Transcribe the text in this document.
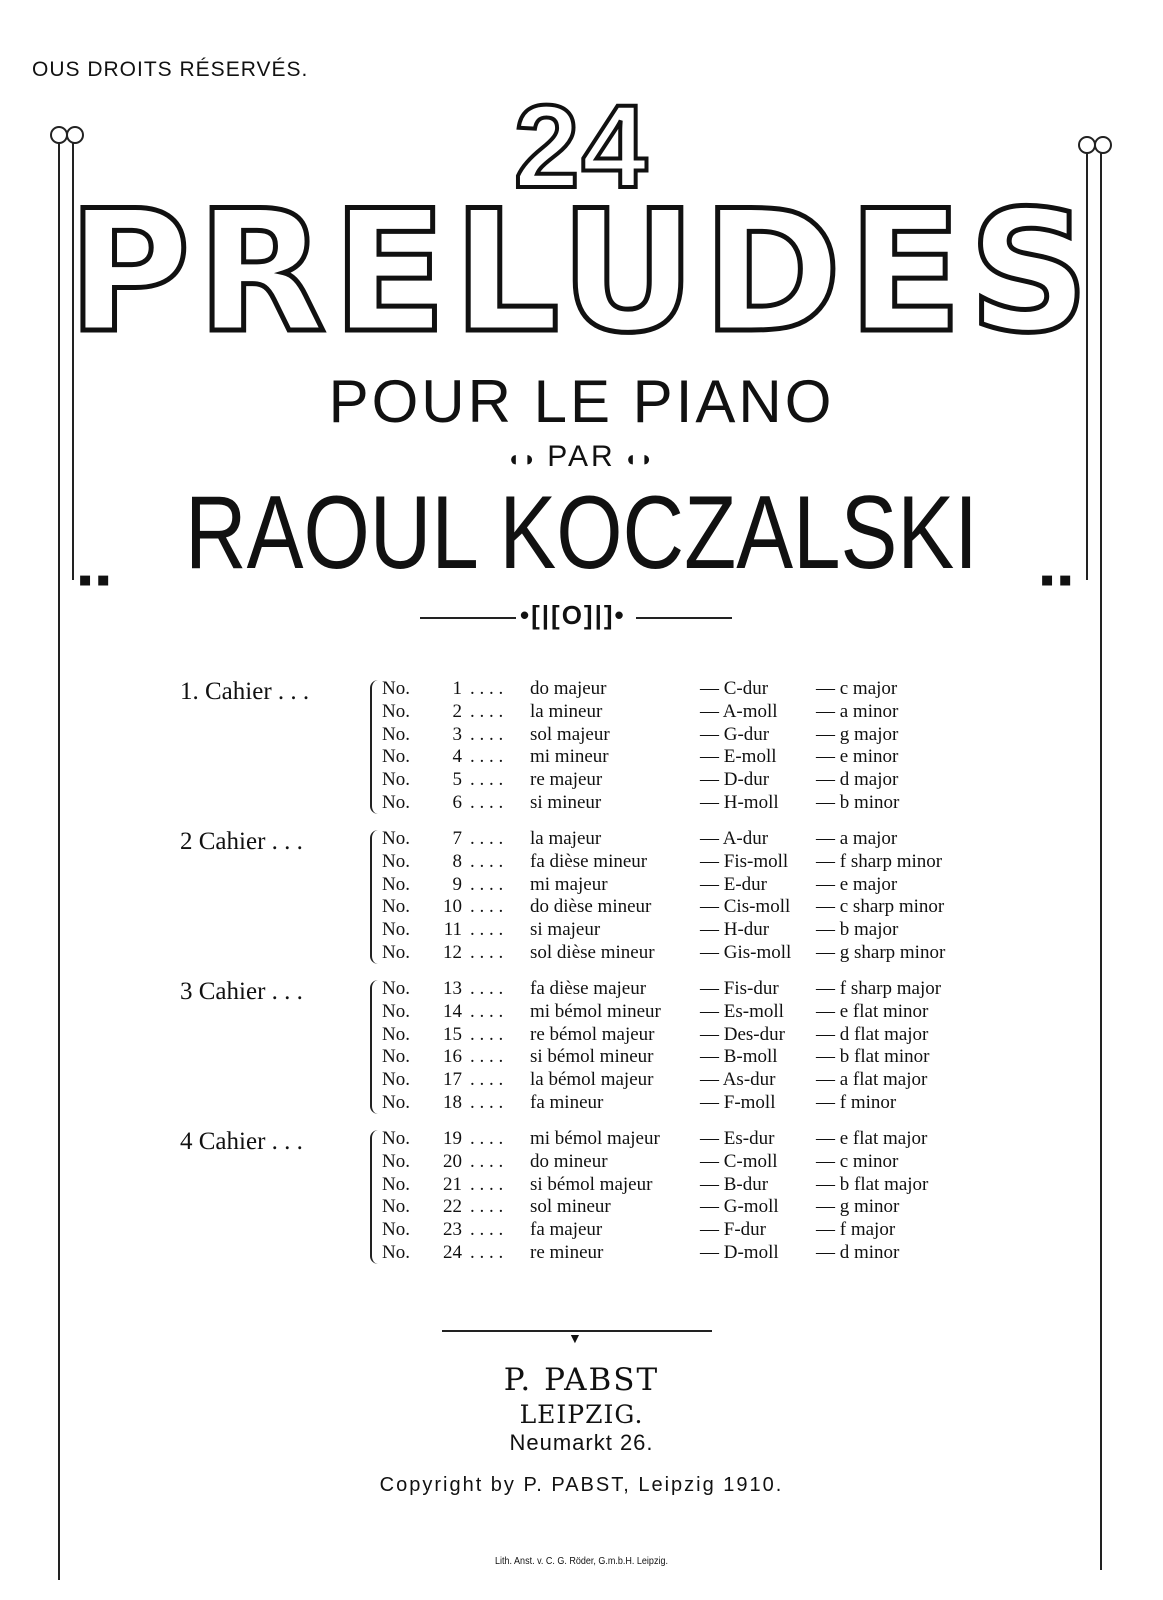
OUS DROITS RÉSERVÉS.
24
PRELUDES
POUR LE PIANO
◖◗ PAR ◖◗
RAOUL KOCZALSKI
▪▪	▪▪
•[|[O]|]•
1. Cahier . . .	No.	1 . . . . do majeur	— C-dur	— c major
No.	2 . . . . la mineur	— A-moll — a minor
No.	3 . . . . sol majeur	— G-dur — g major
No.	4 . . . . mi mineur	— E-moll — e minor
No.	5 . . . . re majeur	— D-dur — d major
No.	6 . . . . si mineur	— H-moll — b minor
2 Cahier . . .	No.	7 . . . . la majeur	— A-dur	— a major
No.	8 . . . . fa dièse mineur	— Fis-moll — f sharp minor
No.	9 . . . . mi majeur	— E-dur	— e major
No.	10 . . . . do dièse mineur	— Cis-moll — c sharp minor
No.	11 . . . . si majeur	— H-dur — b major
No.	12 . . . . sol dièse mineur — Gis-moll — g sharp minor
3 Cahier . . .	No.	13 . . . . fa dièse majeur	— Fis-dur — f sharp major
No.	14 . . . . mi bémol mineur — Es-moll — e flat minor
No.	15 . . . . re bémol majeur — Des-dur — d flat major
No.	16 . . . . si bémol mineur — B-moll — b flat minor
No.	17 . . . . la bémol majeur — As-dur — a flat major
No.	18 . . . . fa mineur	— F-moll — f minor
4 Cahier . . .	No.	19 . . . . mi bémol majeur — Es-dur — e flat major
No.	20 . . . . do mineur	— C-moll — c minor
No.	21 . . . . si bémol majeur	— B-dur	— b flat major
No.	22 . . . . sol mineur	— G-moll — g minor
No.	23 . . . . fa majeur	— F-dur	— f major
No.	24 . . . . re mineur	— D-moll — d minor
▼
P. PABST
LEIPZIG.
Neumarkt 26.
Copyright by P. PABST, Leipzig 1910.
Lith. Anst. v. C. G. Röder, G.m.b.H. Leipzig.
